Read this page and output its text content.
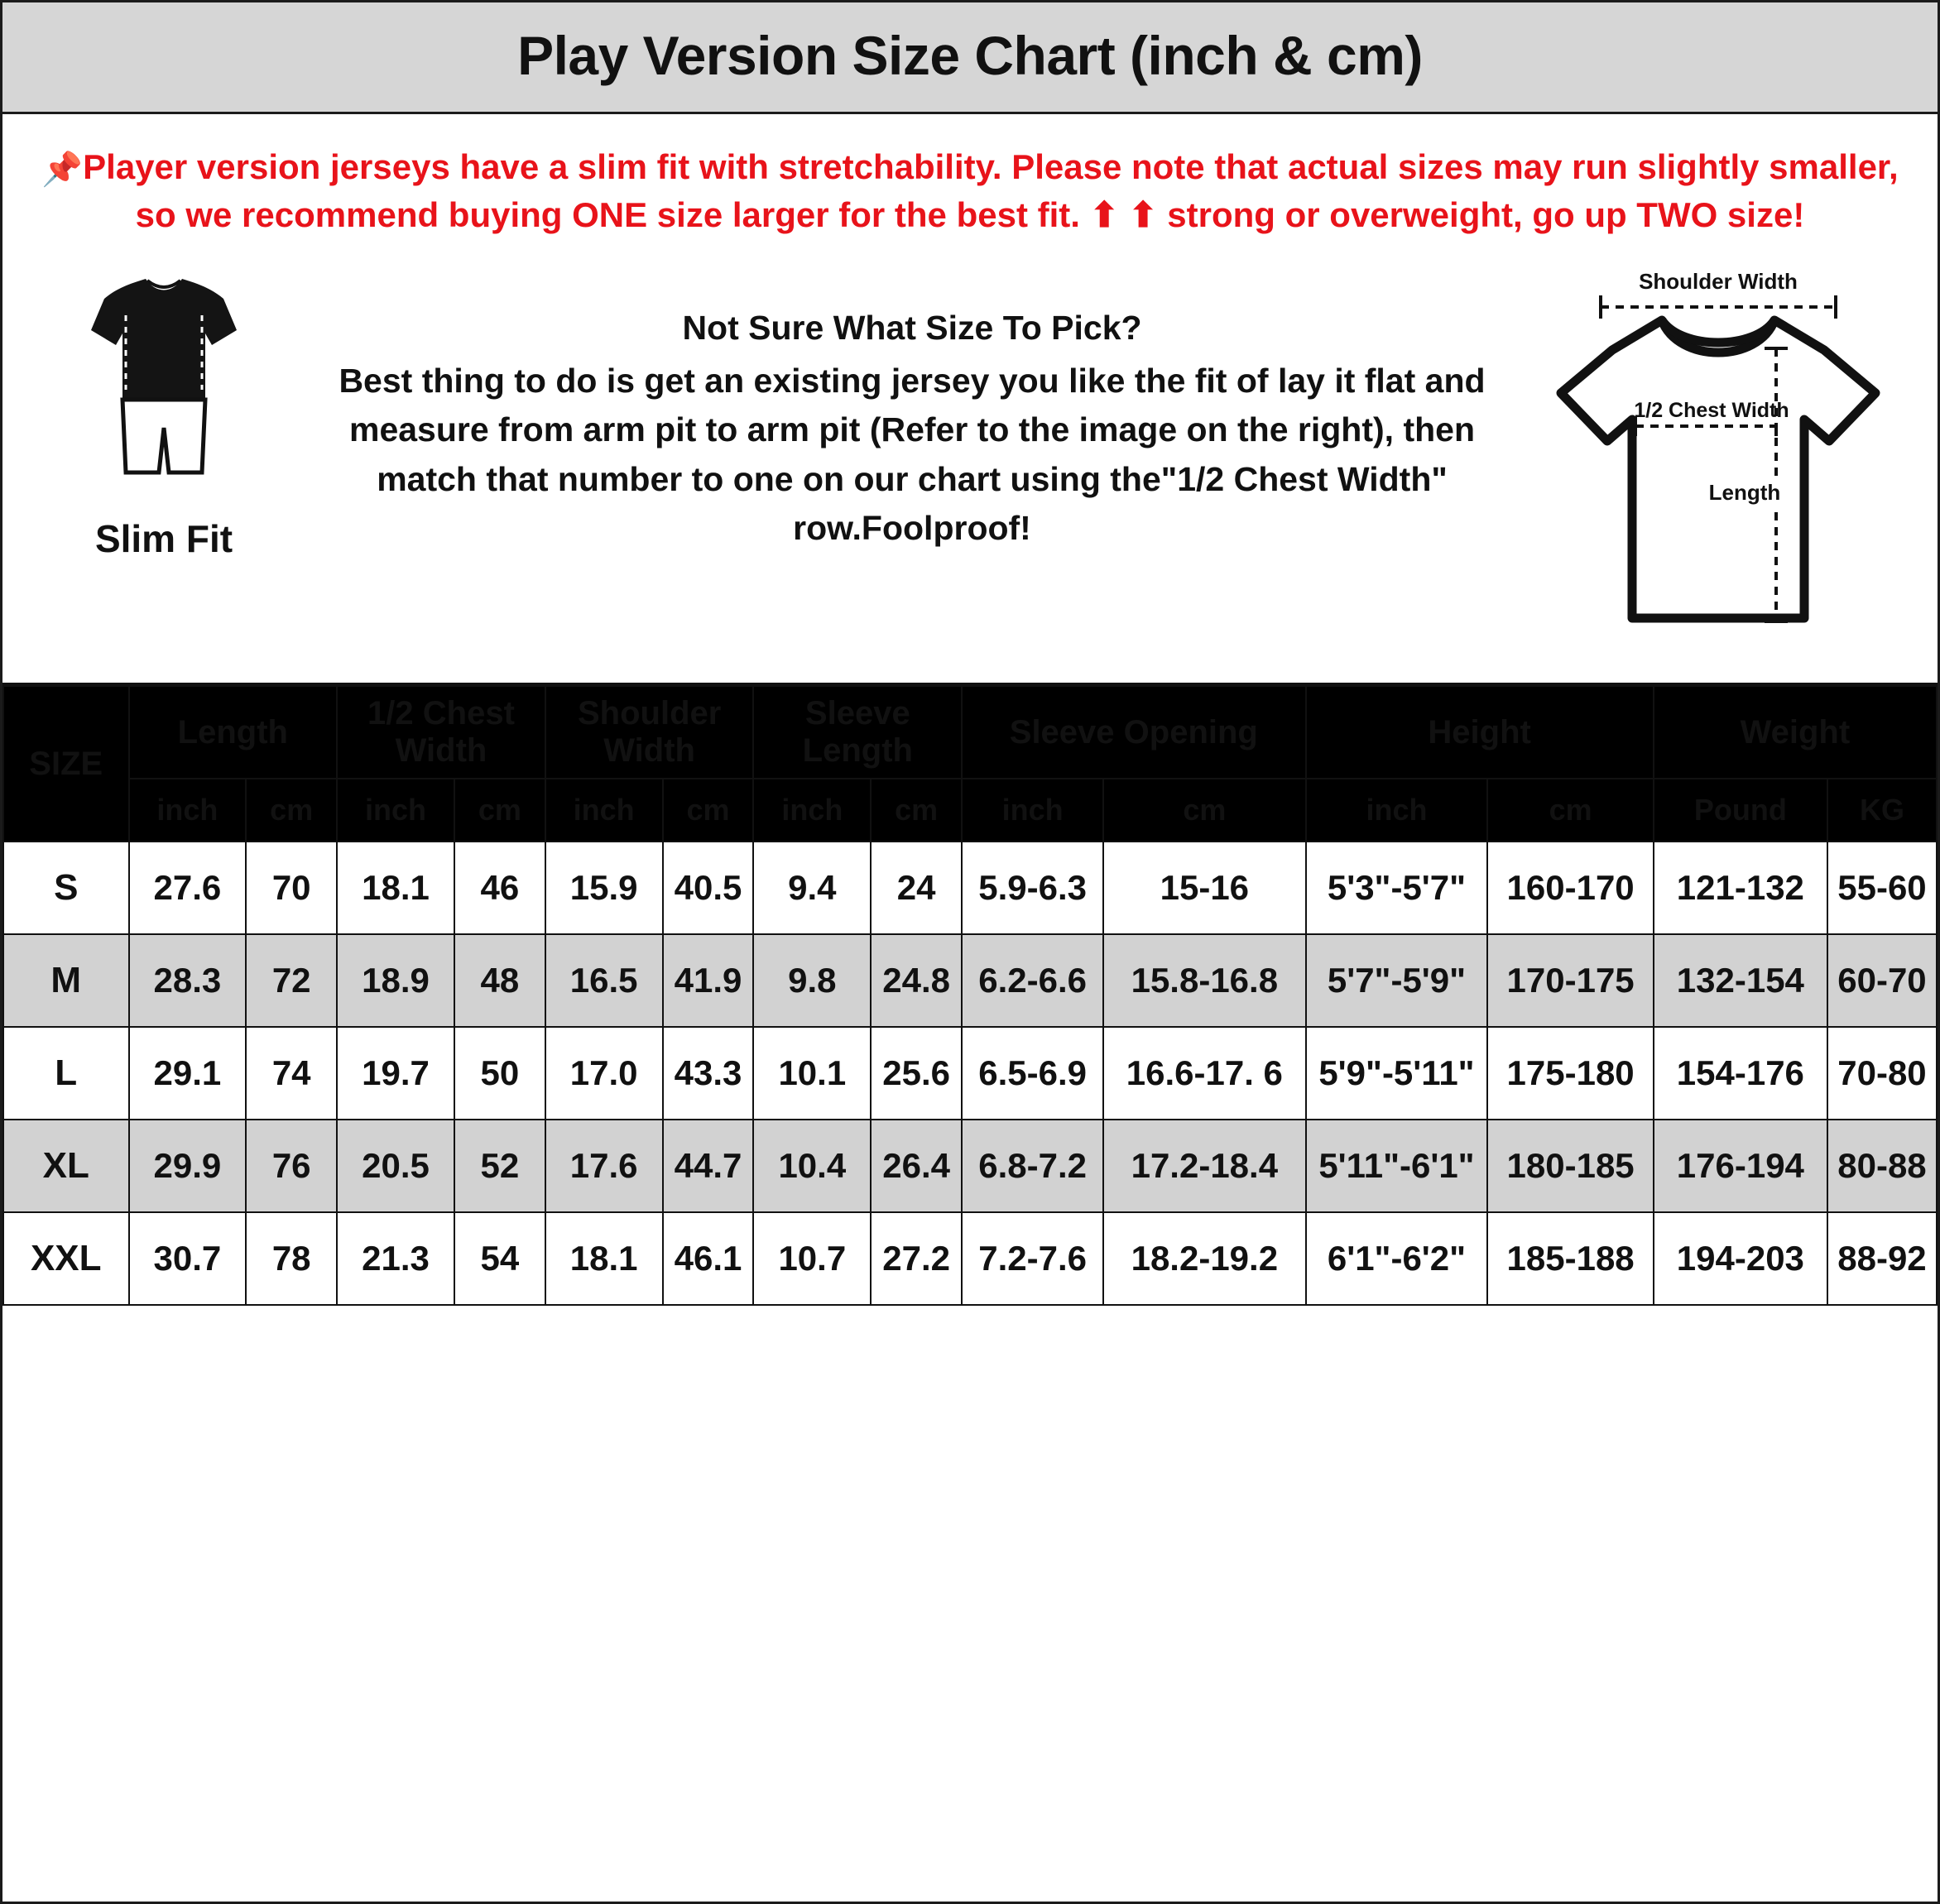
Play Version Size Chart (inch & cm)
📌Player version jerseys have a slim fit with stretchability. Please note that actual sizes may run slightly smaller, so we recommend buying ONE size larger for the best fit. ⬆ ⬆ strong or overweight, go up TWO size!
Slim Fit
Not Sure What Size To Pick?
Best thing to do is get an existing jersey you like the fit of lay it flat and measure from arm pit to arm pit (Refer to the image on the right), then match that number to one on our chart using the"1/2 Chest Width" row.Foolproof!
Shoulder Width
1/2 Chest Width
Length
SIZE	Length		1/2 Chest Width		Shoulder Width		Sleeve Length		Sleeve Opening		Height		Weight	
	inch	cm	inch	cm	inch	cm	inch	cm	inch	cm	inch	cm	Pound	KG
S	27.6	70	18.1	46	15.9	40.5	9.4	24	5.9-6.3	15-16	5'3"-5'7"	160-170	121-132	55-60
M	28.3	72	18.9	48	16.5	41.9	9.8	24.8	6.2-6.6	15.8-16.8	5'7"-5'9"	170-175	132-154	60-70
L	29.1	74	19.7	50	17.0	43.3	10.1	25.6	6.5-6.9	16.6-17. 6	5'9"-5'11"	175-180	154-176	70-80
XL	29.9	76	20.5	52	17.6	44.7	10.4	26.4	6.8-7.2	17.2-18.4	5'11"-6'1"	180-185	176-194	80-88
XXL	30.7	78	21.3	54	18.1	46.1	10.7	27.2	7.2-7.6	18.2-19.2	6'1"-6'2"	185-188	194-203	88-92
